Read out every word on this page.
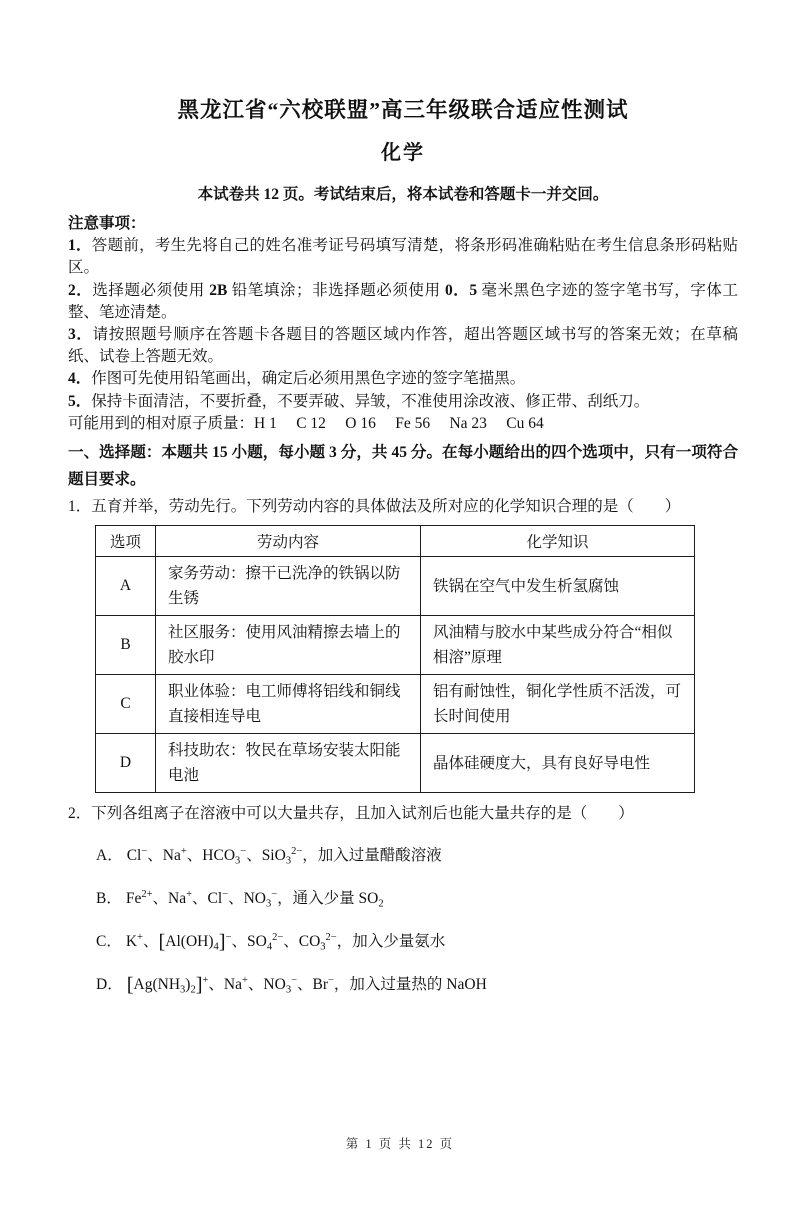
黑龙江省“六校联盟”高三年级联合适应性测试
化学
本试卷共 12 页。考试结束后，将本试卷和答题卡一并交回。
注意事项：
1．答题前，考生先将自己的姓名准考证号码填写清楚，将条形码准确粘贴在考生信息条形码粘贴区。
2．选择题必须使用 2B 铅笔填涂；非选择题必须使用 0．5 毫米黑色字迹的签字笔书写，字体工整、笔迹清楚。
3．请按照题号顺序在答题卡各题目的答题区域内作答，超出答题区域书写的答案无效；在草稿纸、试卷上答题无效。
4．作图可先使用铅笔画出，确定后必须用黑色字迹的签字笔描黑。
5．保持卡面清洁，不要折叠，不要弄破、异皱，不准使用涂改液、修正带、刮纸刀。
可能用到的相对原子质量：H 1　 C 12　 O 16　 Fe 56　 Na 23　 Cu 64
一、选择题：本题共 15 小题，每小题 3 分，共 45 分。在每小题给出的四个选项中，只有一项符合题目要求。
1．五育并举，劳动先行。下列劳动内容的具体做法及所对应的化学知识合理的是（　　）
选项	劳动内容	化学知识
A	家务劳动：擦干已洗净的铁锅以防生锈	铁锅在空气中发生析氢腐蚀
B	社区服务：使用风油精擦去墙上的胶水印	风油精与胶水中某些成分符合“相似相溶”原理
C	职业体验：电工师傅将铝线和铜线直接相连导电	铝有耐蚀性，铜化学性质不活泼，可长时间使用
D	科技助农：牧民在草场安装太阳能电池	晶体硅硬度大，具有良好导电性
2．下列各组离子在溶液中可以大量共存，且加入试剂后也能大量共存的是（　　）
A． Cl−、Na+、$HCO_3^-$、SiO$_3^{2-}$，加入过量醋酸溶液
B． $Fe^{2+}$、Na+、Cl−、$NO_3^-$，通入少量 $SO_2$
C． K+、$[Al(OH)_4]^-$、$SO_4^{2-}$、$CO_3^{2-}$，加入少量氨水
D． $[Ag(NH_3)_2]^+$、Na+、$NO_3^-$、Br−，加入过量热的 NaOH
第 1 页 共 12 页
